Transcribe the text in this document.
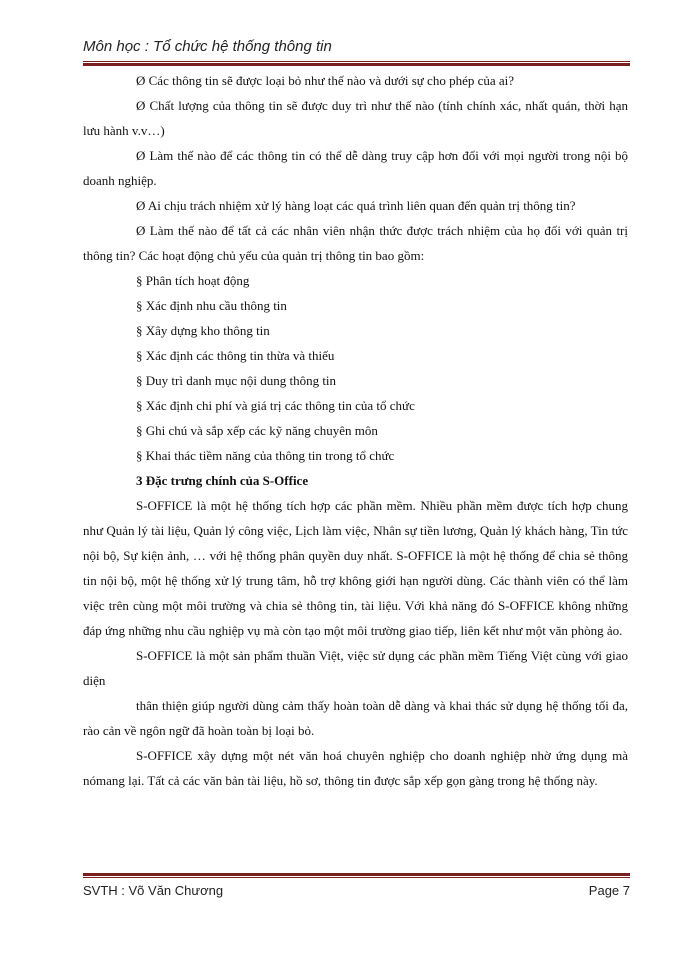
Môn học : Tổ chức hệ thống thông tin

Ø Các thông tin sẽ được loại bỏ như thế nào và dưới sự cho phép của ai?

Ø Chất lượng của thông tin sẽ được duy trì như thế nào (tính chính xác, nhất quán, thời hạn lưu hành v.v…)

Ø Làm thế nào để các thông tin có thể dễ dàng truy cập hơn đối với mọi người trong nội bộ doanh nghiệp.

Ø Ai chịu trách nhiệm xử lý hàng loạt các quá trình liên quan đến quản trị thông tin?

Ø Làm thế nào để tất cả các nhân viên nhận thức được trách nhiệm của họ đối với quản trị thông tin? Các hoạt động chủ yếu của quản trị thông tin bao gồm:

§ Phân tích hoạt động

§ Xác định nhu cầu thông tin

§ Xây dựng kho thông tin

§ Xác định các thông tin thừa và thiếu

§ Duy trì danh mục nội dung thông tin

§ Xác định chi phí và giá trị các thông tin của tổ chức

§ Ghi chú và sắp xếp các kỹ năng chuyên môn

§ Khai thác tiềm năng của thông tin trong tổ chức

3 Đặc trưng chính của S-Office

S-OFFICE là một hệ thống tích hợp các phần mềm. Nhiều phần mềm được tích hợp chung như Quản lý tài liệu, Quản lý công việc, Lịch làm việc, Nhân sự tiền lương, Quản lý khách hàng, Tin tức nội bộ, Sự kiện ảnh, … với hệ thống phân quyền duy nhất. S-OFFICE là một hệ thống để chia sẻ thông tin nội bộ, một hệ thống xử lý trung tâm, hỗ trợ không giới hạn người dùng. Các thành viên có thể làm việc trên cùng một môi trường và chia sẻ thông tin, tài liệu. Với khả năng đó S-OFFICE không những đáp ứng những nhu cầu nghiệp vụ mà còn tạo một môi trường giao tiếp, liên kết như một văn phòng ảo.

S-OFFICE là một sản phẩm thuần Việt, việc sử dụng các phần mềm Tiếng Việt cùng với giao diện

thân thiện giúp người dùng cảm thấy hoàn toàn dễ dàng và khai thác sử dụng hệ thống tối đa, rào cản về ngôn ngữ đã hoàn toàn bị loại bỏ.

S-OFFICE xây dựng một nét văn hoá chuyên nghiệp cho doanh nghiệp nhờ ứng dụng mà nómang lại. Tất cả các văn bản tài liệu, hồ sơ, thông tin được sắp xếp gọn gàng trong hệ thống này.

SVTH : Võ Văn Chương	Page 7
